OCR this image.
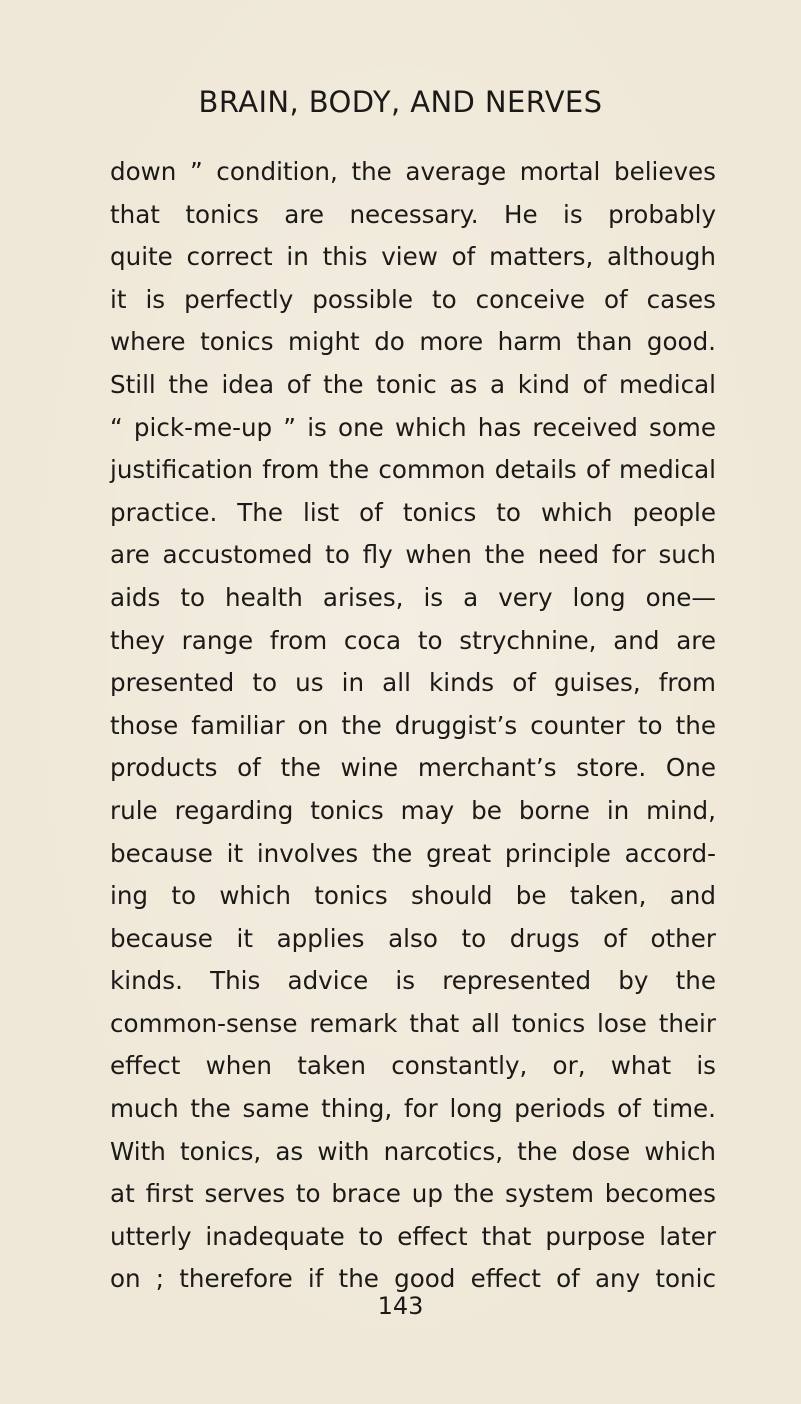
BRAIN, BODY, AND NERVES
down ” condition, the average mortal believes
that tonics are necessary. He is probably
quite correct in this view of matters, although
it is perfectly possible to conceive of cases
where tonics might do more harm than good.
Still the idea of the tonic as a kind of medical
“ pick-me-up ” is one which has received some
justification from the common details of medical
practice. The list of tonics to which people
are accustomed to fly when the need for such
aids to health arises, is a very long one—
they range from coca to strychnine, and are
presented to us in all kinds of guises, from
those familiar on the druggist’s counter to the
products of the wine merchant’s store. One
rule regarding tonics may be borne in mind,
because it involves the great principle accord-
ing to which tonics should be taken, and
because it applies also to drugs of other
kinds. This advice is represented by the
common-sense remark that all tonics lose their
effect when taken constantly, or, what is
much the same thing, for long periods of time.
With tonics, as with narcotics, the dose which
at first serves to brace up the system becomes
utterly inadequate to effect that purpose later
on ; therefore if the good effect of any tonic
143
